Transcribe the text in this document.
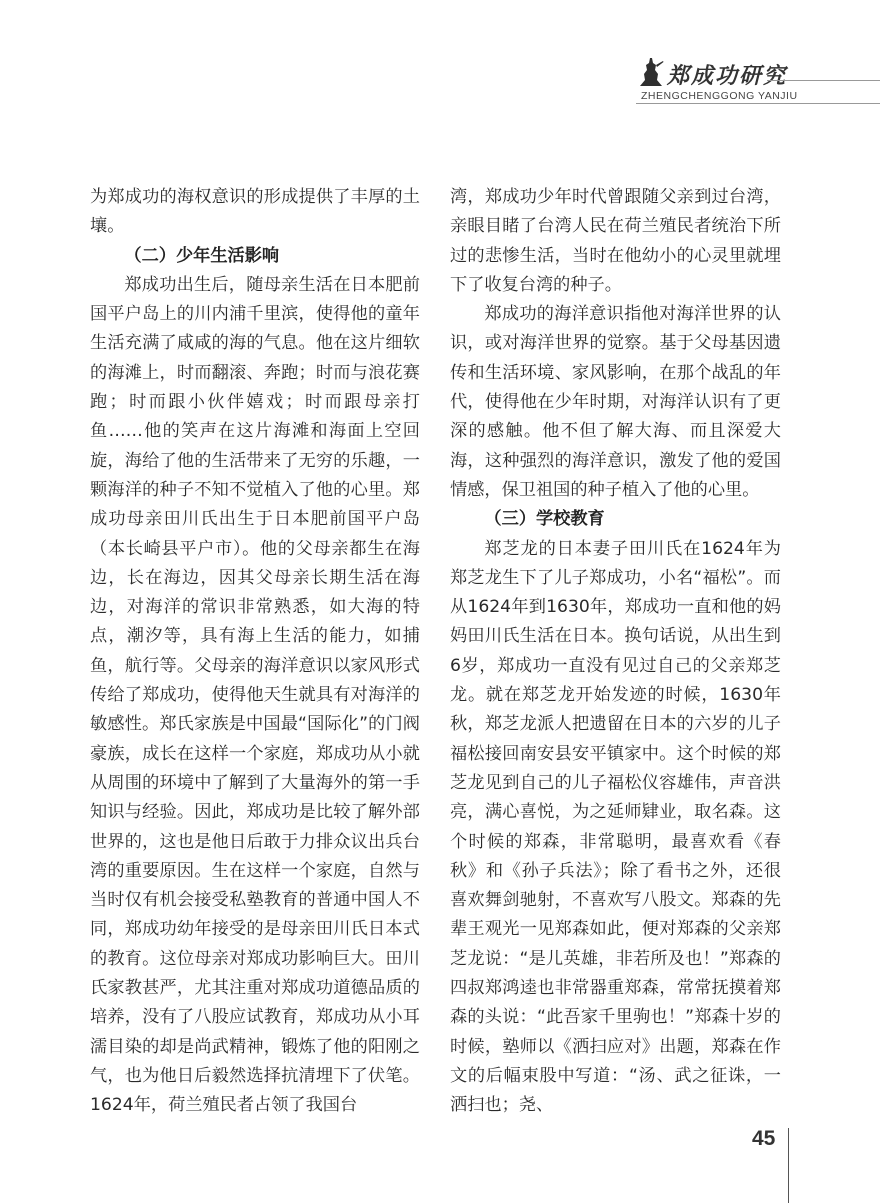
郑成功研究
ZHENGCHENGGONG YANJIU

为郑成功的海权意识的形成提供了丰厚的土壤。

（二）少年生活影响

郑成功出生后，随母亲生活在日本肥前国平户岛上的川内浦千里滨，使得他的童年生活充满了咸咸的海的气息。他在这片细软的海滩上，时而翻滚、奔跑；时而与浪花赛跑；时而跟小伙伴嬉戏；时而跟母亲打鱼……他的笑声在这片海滩和海面上空回旋，海给了他的生活带来了无穷的乐趣，一颗海洋的种子不知不觉植入了他的心里。郑成功母亲田川氏出生于日本肥前国平户岛（本长崎县平户市）。他的父母亲都生在海边，长在海边，因其父母亲长期生活在海边，对海洋的常识非常熟悉，如大海的特点，潮汐等，具有海上生活的能力，如捕鱼，航行等。父母亲的海洋意识以家风形式传给了郑成功，使得他天生就具有对海洋的敏感性。郑氏家族是中国最“国际化”的门阀豪族，成长在这样一个家庭，郑成功从小就从周围的环境中了解到了大量海外的第一手知识与经验。因此，郑成功是比较了解外部世界的，这也是他日后敢于力排众议出兵台湾的重要原因。生在这样一个家庭，自然与当时仅有机会接受私塾教育的普通中国人不同，郑成功幼年接受的是母亲田川氏日本式的教育。这位母亲对郑成功影响巨大。田川氏家教甚严，尤其注重对郑成功道德品质的培养，没有了八股应试教育，郑成功从小耳濡目染的却是尚武精神，锻炼了他的阳刚之气，也为他日后毅然选择抗清埋下了伏笔。1624年，荷兰殖民者占领了我国台

湾，郑成功少年时代曾跟随父亲到过台湾，亲眼目睹了台湾人民在荷兰殖民者统治下所过的悲惨生活，当时在他幼小的心灵里就埋下了收复台湾的种子。

郑成功的海洋意识指他对海洋世界的认识，或对海洋世界的觉察。基于父母基因遗传和生活环境、家风影响，在那个战乱的年代，使得他在少年时期，对海洋认识有了更深的感触。他不但了解大海、而且深爱大海，这种强烈的海洋意识，激发了他的爱国情感，保卫祖国的种子植入了他的心里。

（三）学校教育

郑芝龙的日本妻子田川氏在1624年为郑芝龙生下了儿子郑成功，小名“福松”。而从1624年到1630年，郑成功一直和他的妈妈田川氏生活在日本。换句话说，从出生到6岁，郑成功一直没有见过自己的父亲郑芝龙。就在郑芝龙开始发迹的时候，1630年秋，郑芝龙派人把遗留在日本的六岁的儿子福松接回南安县安平镇家中。这个时候的郑芝龙见到自己的儿子福松仪容雄伟，声音洪亮，满心喜悦，为之延师肄业，取名森。这个时候的郑森，非常聪明，最喜欢看《春秋》和《孙子兵法》；除了看书之外，还很喜欢舞剑驰射，不喜欢写八股文。郑森的先辈王观光一见郑森如此，便对郑森的父亲郑芝龙说：“是儿英雄，非若所及也！”郑森的四叔郑鸿逵也非常器重郑森，常常抚摸着郑森的头说：“此吾家千里驹也！”郑森十岁的时候，塾师以《洒扫应对》出题，郑森在作文的后幅束股中写道：“汤、武之征诛，一洒扫也；尧、

45
